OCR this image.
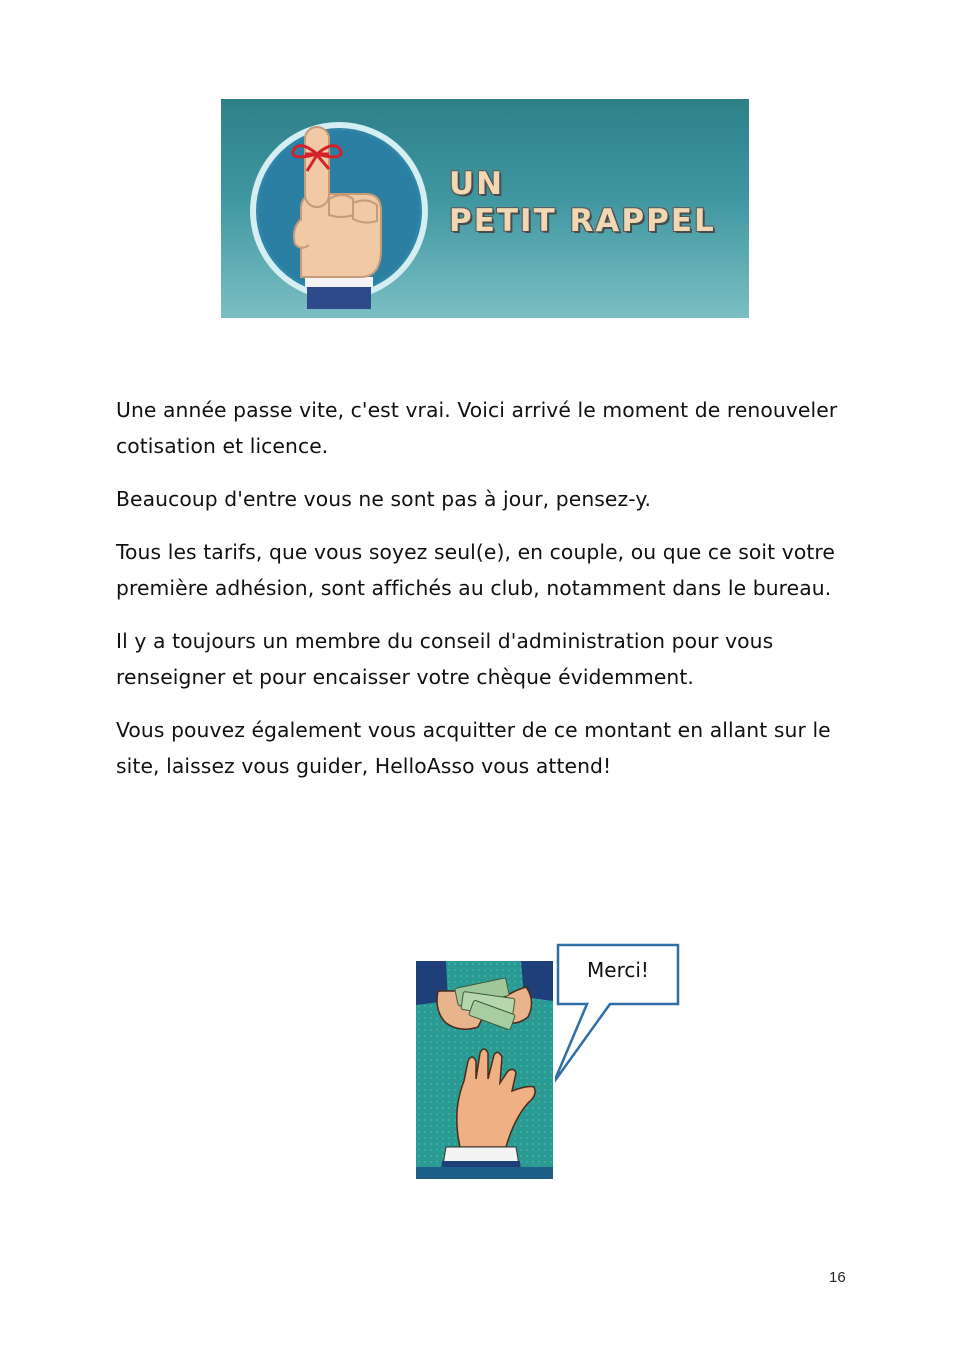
UN
PETIT RAPPEL

Une année passe vite, c'est vrai. Voici arrivé le moment de renouveler cotisation et licence.

Beaucoup d'entre vous ne sont pas à jour, pensez-y.

Tous les tarifs, que vous soyez seul(e), en couple, ou que ce soit votre première adhésion, sont affichés au club, notamment dans le bureau.

Il y a toujours un membre du conseil d'administration pour vous renseigner et pour encaisser votre chèque évidemment.

Vous pouvez également vous acquitter de ce montant en allant sur le site, laissez vous guider, HelloAsso vous attend!

Merci!
16
